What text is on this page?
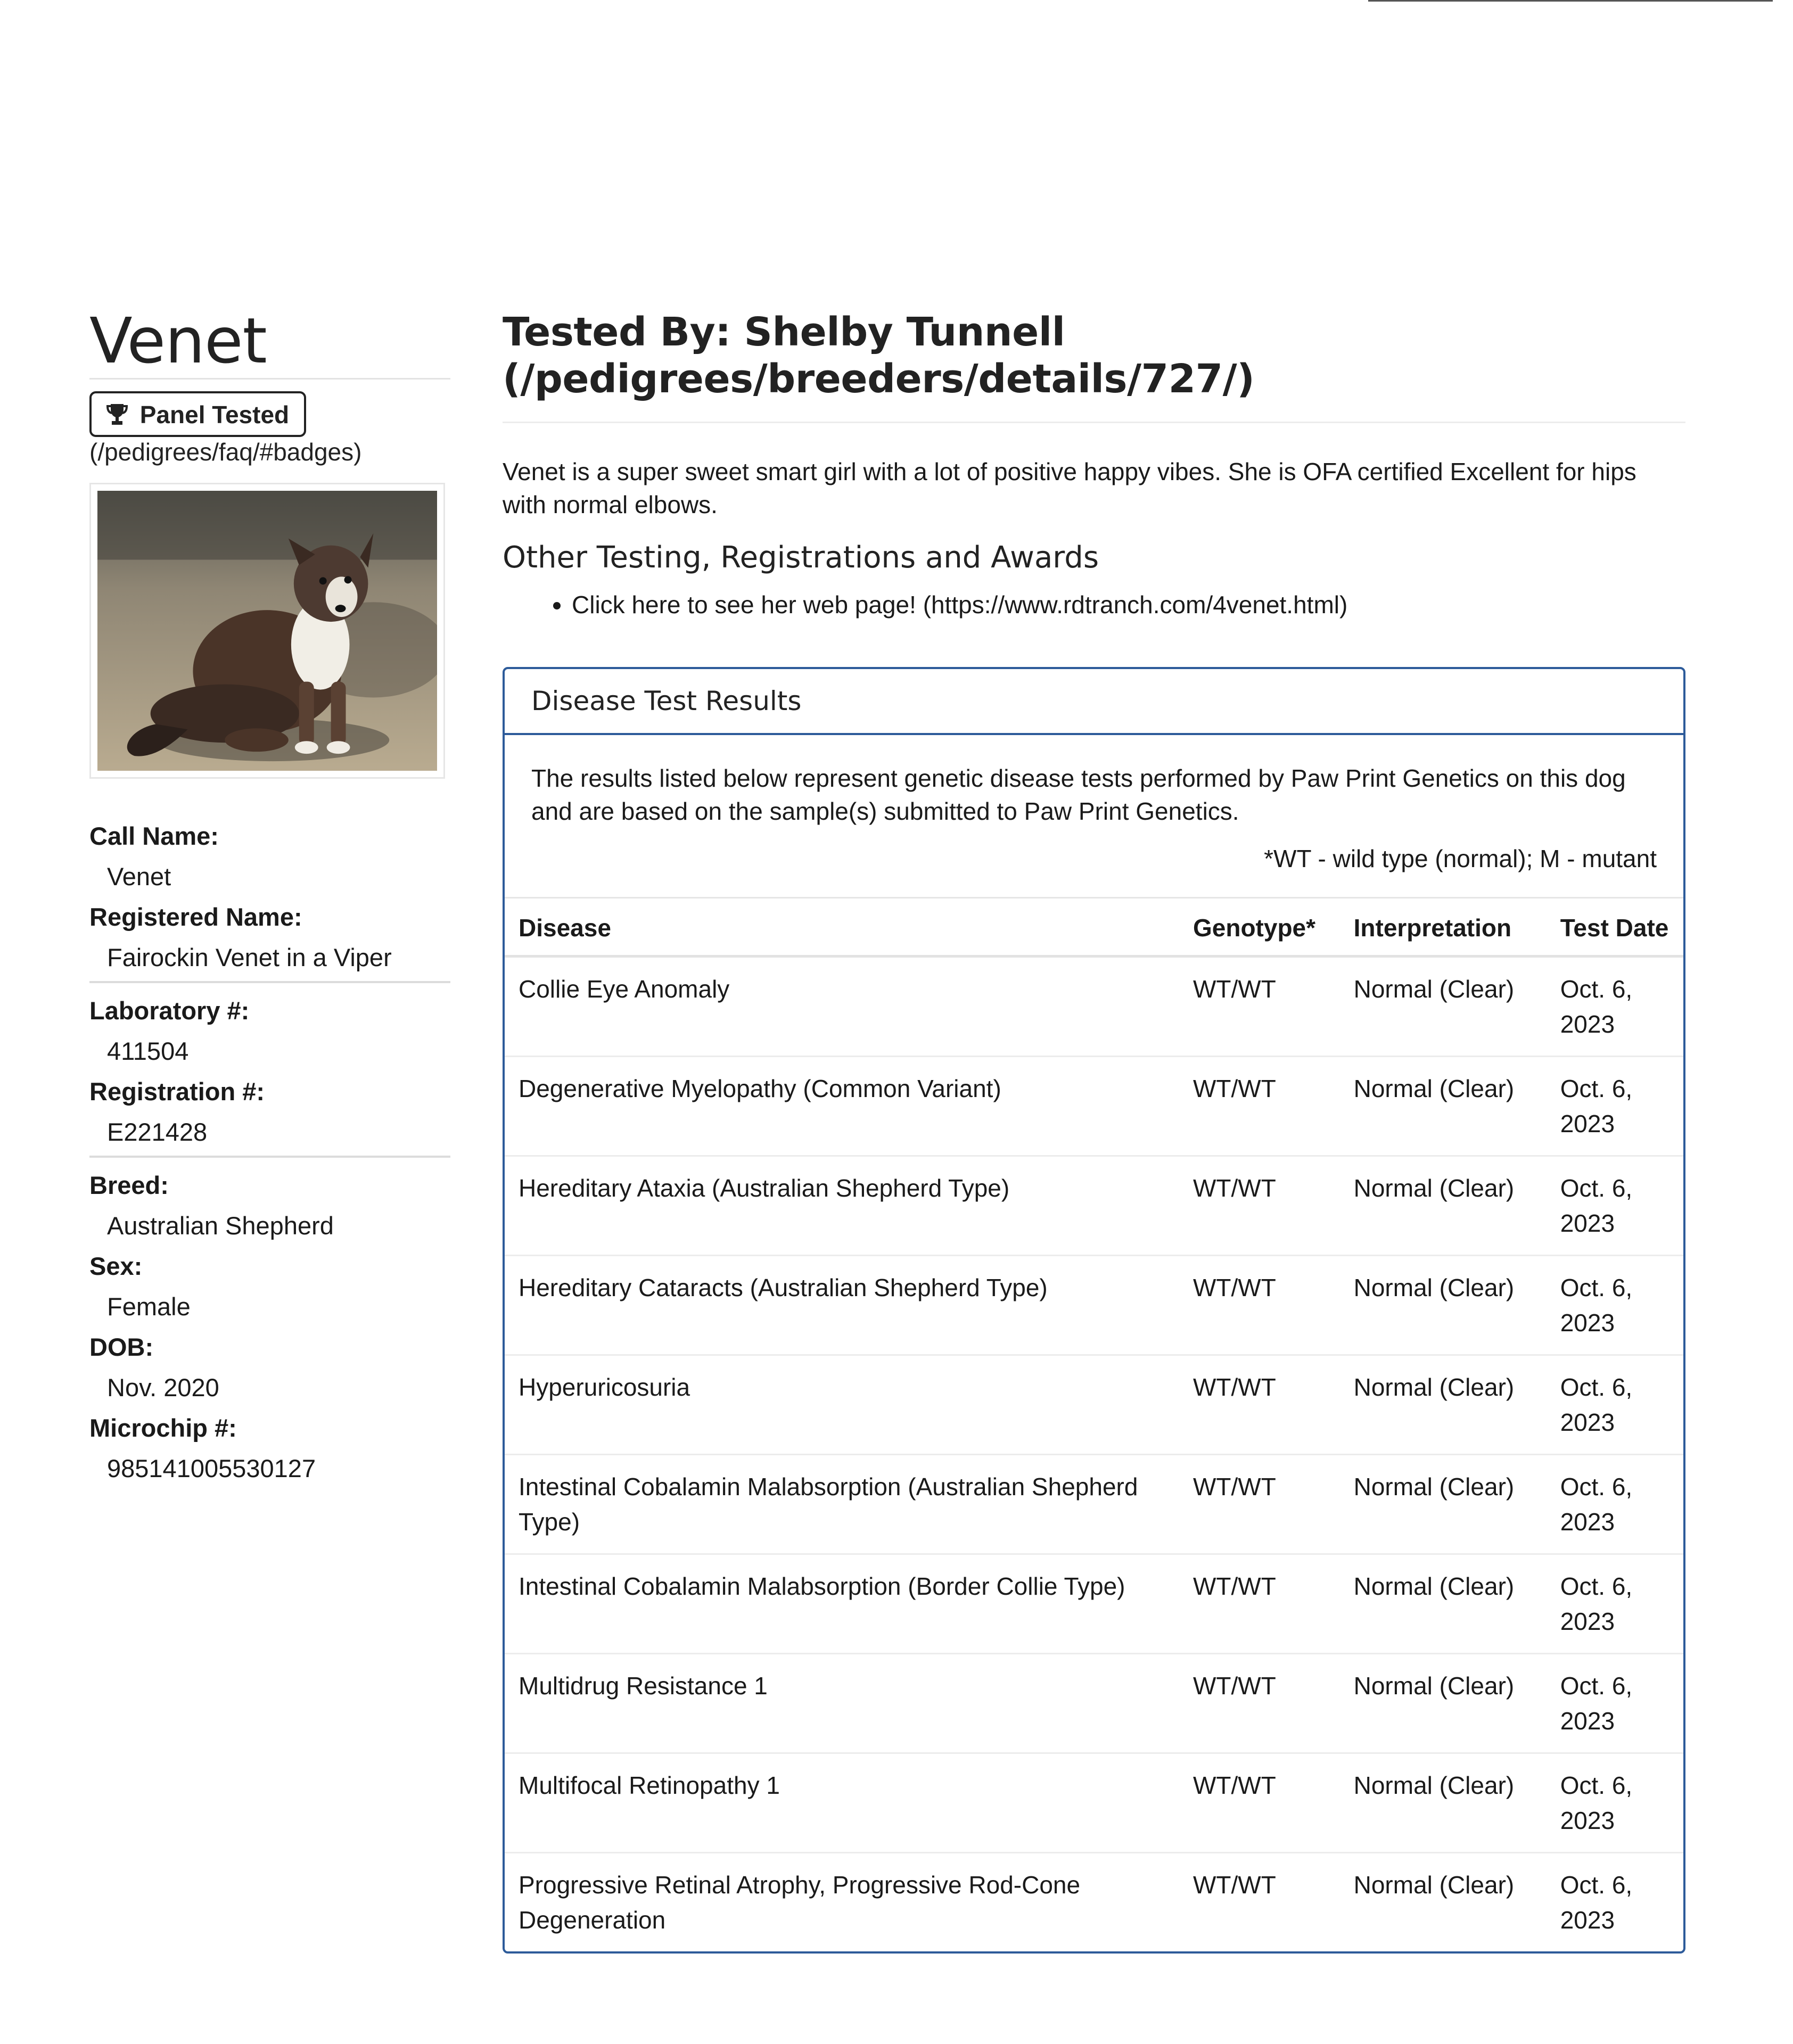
Venet
Panel Tested
(/pedigrees/faq/#badges)
Call Name:
Venet
Registered Name:
Fairockin Venet in a Viper
Laboratory #:
411504
Registration #:
E221428
Breed:
Australian Shepherd
Sex:
Female
DOB:
Nov. 2020
Microchip #:
985141005530127
Tested By: Shelby Tunnell
(/pedigrees/breeders/details/727/)
Venet is a super sweet smart girl with a lot of positive happy vibes. She is OFA certified Excellent for hips with normal elbows.
Other Testing, Registrations and Awards
• Click here to see her web page! (https://www.rdtranch.com/4venet.html)
Disease Test Results
The results listed below represent genetic disease tests performed by Paw Print Genetics on this dog and are based on the sample(s) submitted to Paw Print Genetics.
*WT - wild type (normal); M - mutant
Disease	Genotype*	Interpretation	Test Date
Collie Eye Anomaly	WT/WT	Normal (Clear)	Oct. 6,
2023
Degenerative Myelopathy (Common Variant)	WT/WT	Normal (Clear)	Oct. 6,
2023
Hereditary Ataxia (Australian Shepherd Type)	WT/WT	Normal (Clear)	Oct. 6,
2023
Hereditary Cataracts (Australian Shepherd Type)	WT/WT	Normal (Clear)	Oct. 6,
2023
Hyperuricosuria	WT/WT	Normal (Clear)	Oct. 6,
2023
Intestinal Cobalamin Malabsorption (Australian Shepherd Type)	WT/WT	Normal (Clear)	Oct. 6,
2023
Intestinal Cobalamin Malabsorption (Border Collie Type)	WT/WT	Normal (Clear)	Oct. 6,
2023
Multidrug Resistance 1	WT/WT	Normal (Clear)	Oct. 6,
2023
Multifocal Retinopathy 1	WT/WT	Normal (Clear)	Oct. 6,
2023
Progressive Retinal Atrophy, Progressive Rod-Cone Degeneration	WT/WT	Normal (Clear)	Oct. 6,
2023
